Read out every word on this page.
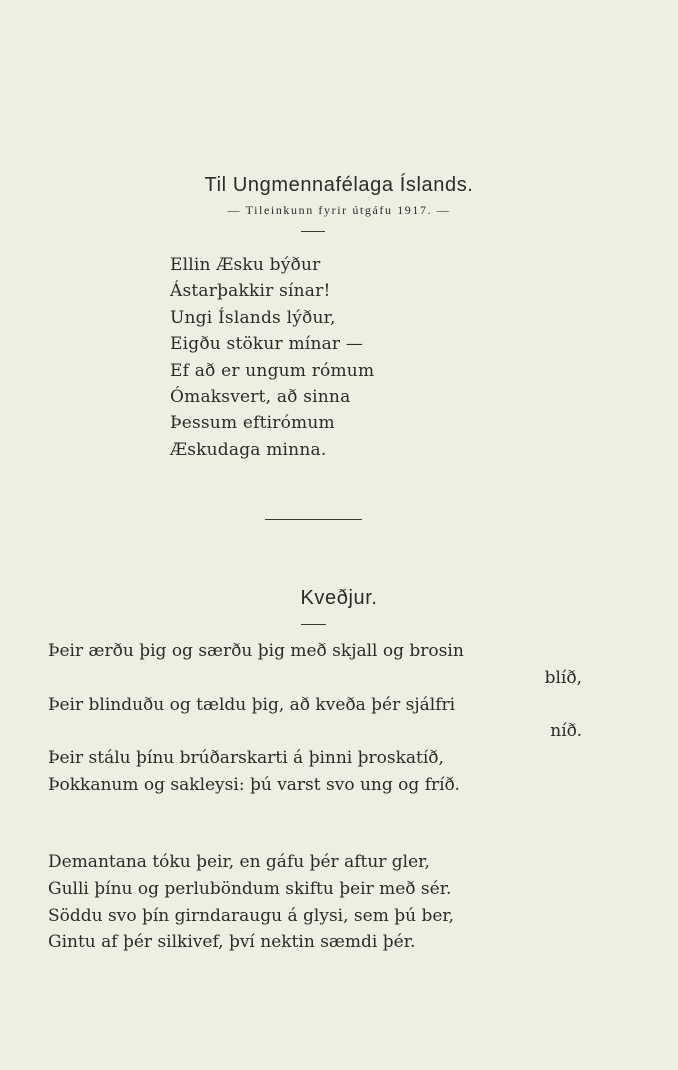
Til Ungmennafélaga Íslands.
— Tileinkunn fyrir útgáfu 1917. —
Ellin Æsku býður
Ástarþakkir sínar!
Ungi Íslands lýður,
Eigðu stökur mínar —
Ef að er ungum rómum
Ómaksvert, að sinna
Þessum eftirómum
Æskudaga minna.
Kveðjur.
Þeir ærðu þig og særðu þig með skjall og brosin
blíð,
Þeir blinduðu og tældu þig, að kveða þér sjálfri
níð.
Þeir stálu þínu brúðarskarti á þinni þroskatíð,
Þokkanum og sakleysi: þú varst svo ung og fríð.
Demantana tóku þeir, en gáfu þér aftur gler,
Gulli þínu og perluböndum skiftu þeir með sér.
Söddu svo þín girndaraugu á glysi, sem þú ber,
Gintu af þér silkivef, því nektin sæmdi þér.
